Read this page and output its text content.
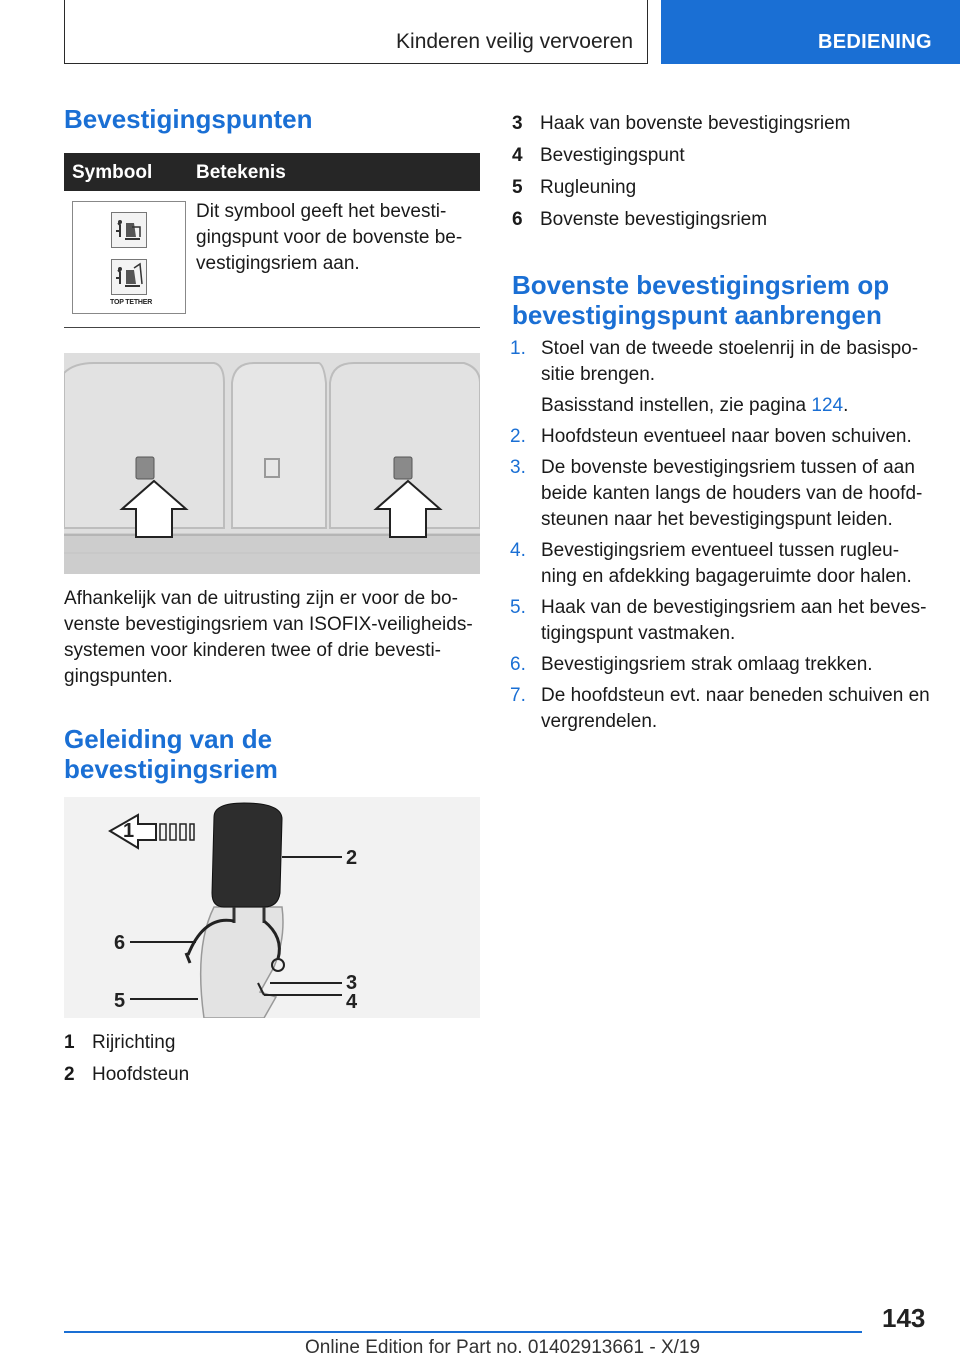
Kinderen veilig vervoeren	BEDIENING
Bevestigingspunten
Symbool Betekenis
TOP TETHER
Dit symbool geeft het bevesti-gingspunt voor de bovenste be-vestigingsriem aan.

Afhankelijk van de uitrusting zijn er voor de bo-venste bevestigingsriem van ISOFIX-veiligheids-systemen voor kinderen twee of drie bevesti-gingspunten.

Geleiding van de bevestigingsriem
2
1
6
5
3
4
1 Rijrichting
2 Hoofdsteun
3 Haak van bovenste bevestigingsriem
4 Bevestigingspunt
5 Rugleuning
6 Bovenste bevestigingsriem
Bovenste bevestigingsriem op bevestigingspunt aanbrengen
1. Stoel van de tweede stoelenrij in de basispo-sitie brengen.
Basisstand instellen, zie pagina 124.
2. Hoofdsteun eventueel naar boven schuiven.
3. De bovenste bevestigingsriem tussen of aan beide kanten langs de houders van de hoofd-steunen naar het bevestigingspunt leiden.
4. Bevestigingsriem eventueel tussen rugleu-ning en afdekking bagageruimte door halen.
5. Haak van de bevestigingsriem aan het beves-tigingspunt vastmaken.
6. Bevestigingsriem strak omlaag trekken.
7. De hoofdsteun evt. naar beneden schuiven en vergrendelen.
143
Online Edition for Part no. 01402913661 - X/19
